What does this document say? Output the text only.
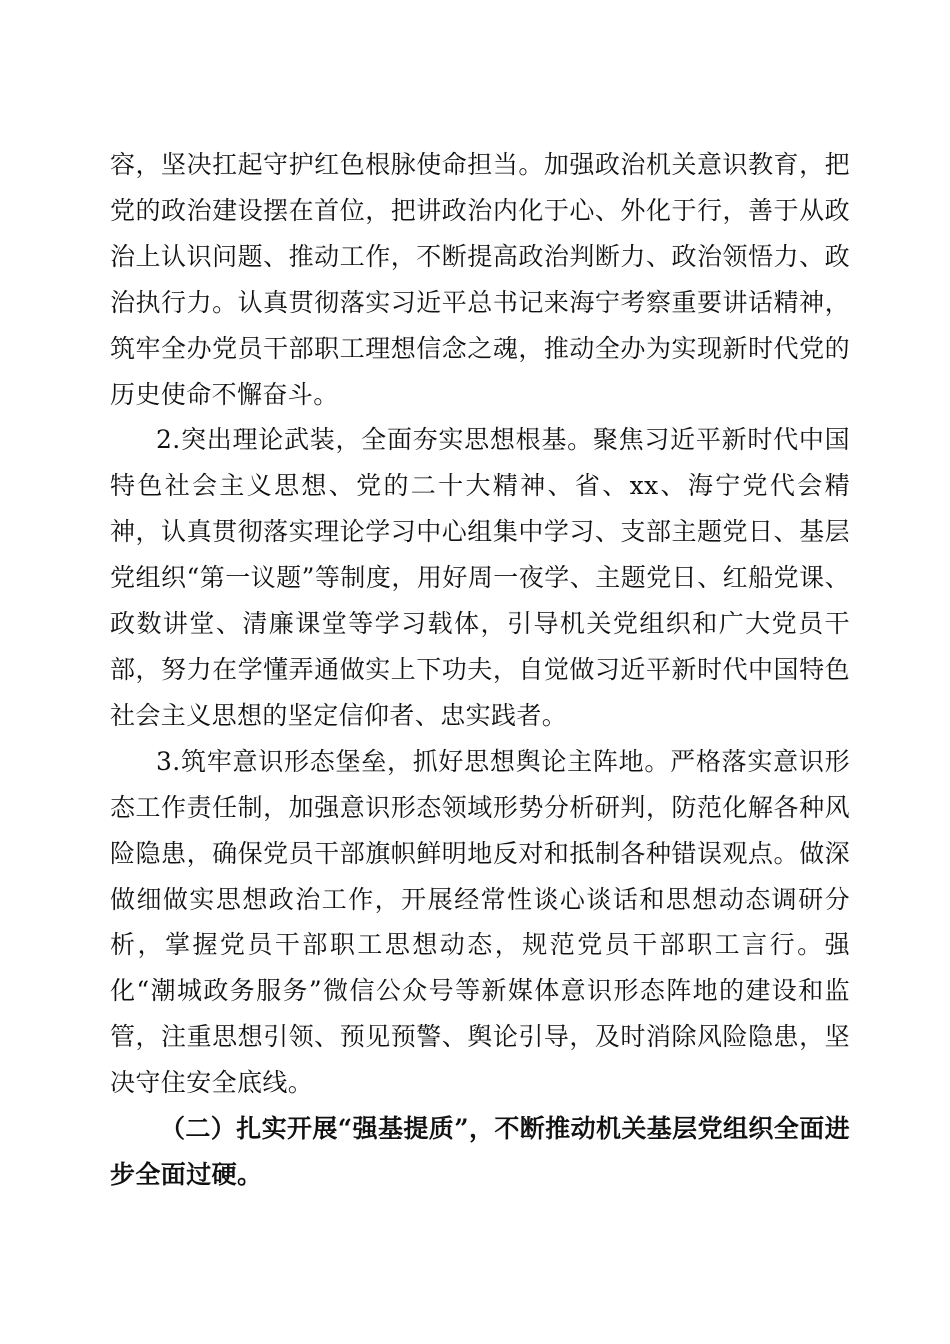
容，坚决扛起守护红色根脉使命担当。加强政治机关意识教育，把党的政治建设摆在首位，把讲政治内化于心、外化于行，善于从政治上认识问题、推动工作，不断提高政治判断力、政治领悟力、政治执行力。认真贯彻落实习近平总书记来海宁考察重要讲话精神，筑牢全办党员干部职工理想信念之魂，推动全办为实现新时代党的历史使命不懈奋斗。

2.突出理论武装，全面夯实思想根基。聚焦习近平新时代中国特色社会主义思想、党的二十大精神、省、xx、海宁党代会精神，认真贯彻落实理论学习中心组集中学习、支部主题党日、基层党组织“第一议题”等制度，用好周一夜学、主题党日、红船党课、政数讲堂、清廉课堂等学习载体，引导机关党组织和广大党员干部，努力在学懂弄通做实上下功夫，自觉做习近平新时代中国特色社会主义思想的坚定信仰者、忠实践者。

3.筑牢意识形态堡垒，抓好思想舆论主阵地。严格落实意识形态工作责任制，加强意识形态领域形势分析研判，防范化解各种风险隐患，确保党员干部旗帜鲜明地反对和抵制各种错误观点。做深做细做实思想政治工作，开展经常性谈心谈话和思想动态调研分析，掌握党员干部职工思想动态，规范党员干部职工言行。强化“潮城政务服务”微信公众号等新媒体意识形态阵地的建设和监管，注重思想引领、预见预警、舆论引导，及时消除风险隐患，坚决守住安全底线。

（二）扎实开展“强基提质”，不断推动机关基层党组织全面进步全面过硬。
